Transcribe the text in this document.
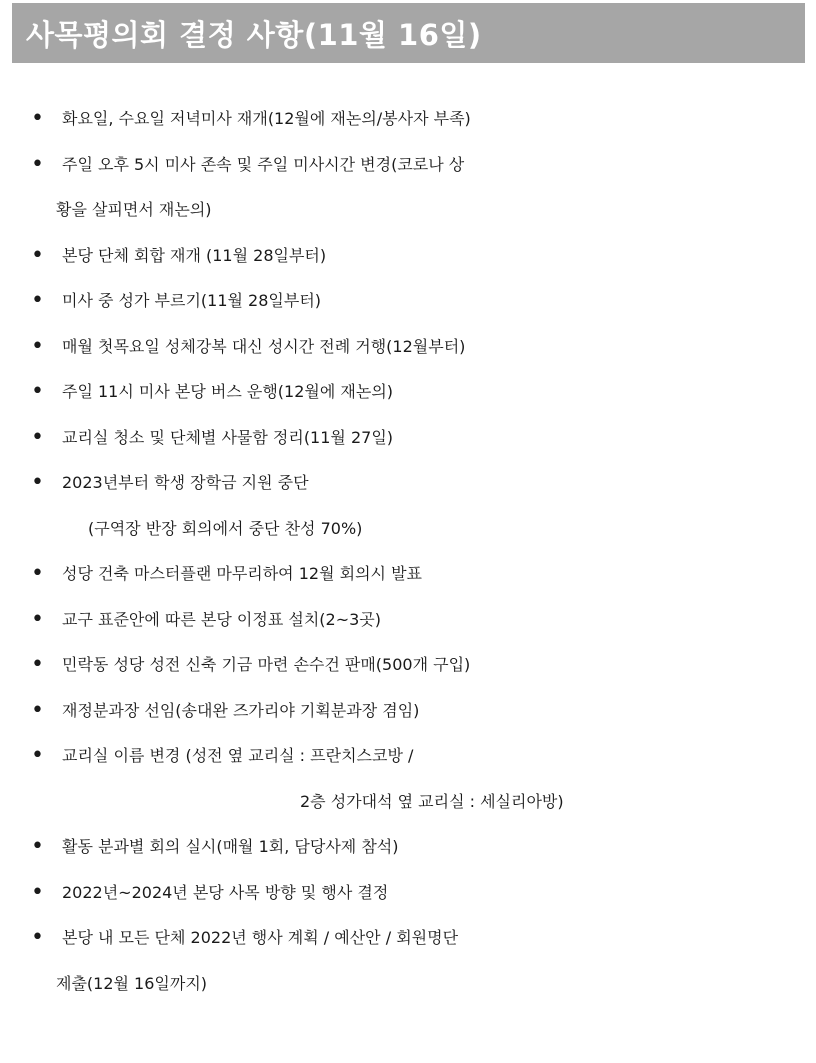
사목평의회 결정 사항(11월 16일)
• 화요일, 수요일 저녁미사 재개(12월에 재논의/봉사자 부족)
• 주일 오후 5시 미사 존속 및 주일 미사시간 변경(코로나 상
황을 살피면서 재논의)
• 본당 단체 회합 재개 (11월 28일부터)
• 미사 중 성가 부르기(11월 28일부터)
• 매월 첫목요일 성체강복 대신 성시간 전례 거행(12월부터)
• 주일 11시 미사 본당 버스 운행(12월에 재논의)
• 교리실 청소 및 단체별 사물함 정리(11월 27일)
• 2023년부터 학생 장학금 지원 중단
(구역장 반장 회의에서 중단 찬성 70%)
• 성당 건축 마스터플랜 마무리하여 12월 회의시 발표
• 교구 표준안에 따른 본당 이정표 설치(2~3곳)
• 민락동 성당 성전 신축 기금 마련 손수건 판매(500개 구입)
• 재정분과장 선임(송대완 즈가리야 기획분과장 겸임)
• 교리실 이름 변경 (성전 옆 교리실 : 프란치스코방 /
2층 성가대석 옆 교리실 : 세실리아방)
• 활동 분과별 회의 실시(매월 1회, 담당사제 참석)
• 2022년~2024년 본당 사목 방향 및 행사 결정
• 본당 내 모든 단체 2022년 행사 계획 / 예산안 / 회원명단
제출(12월 16일까지)
